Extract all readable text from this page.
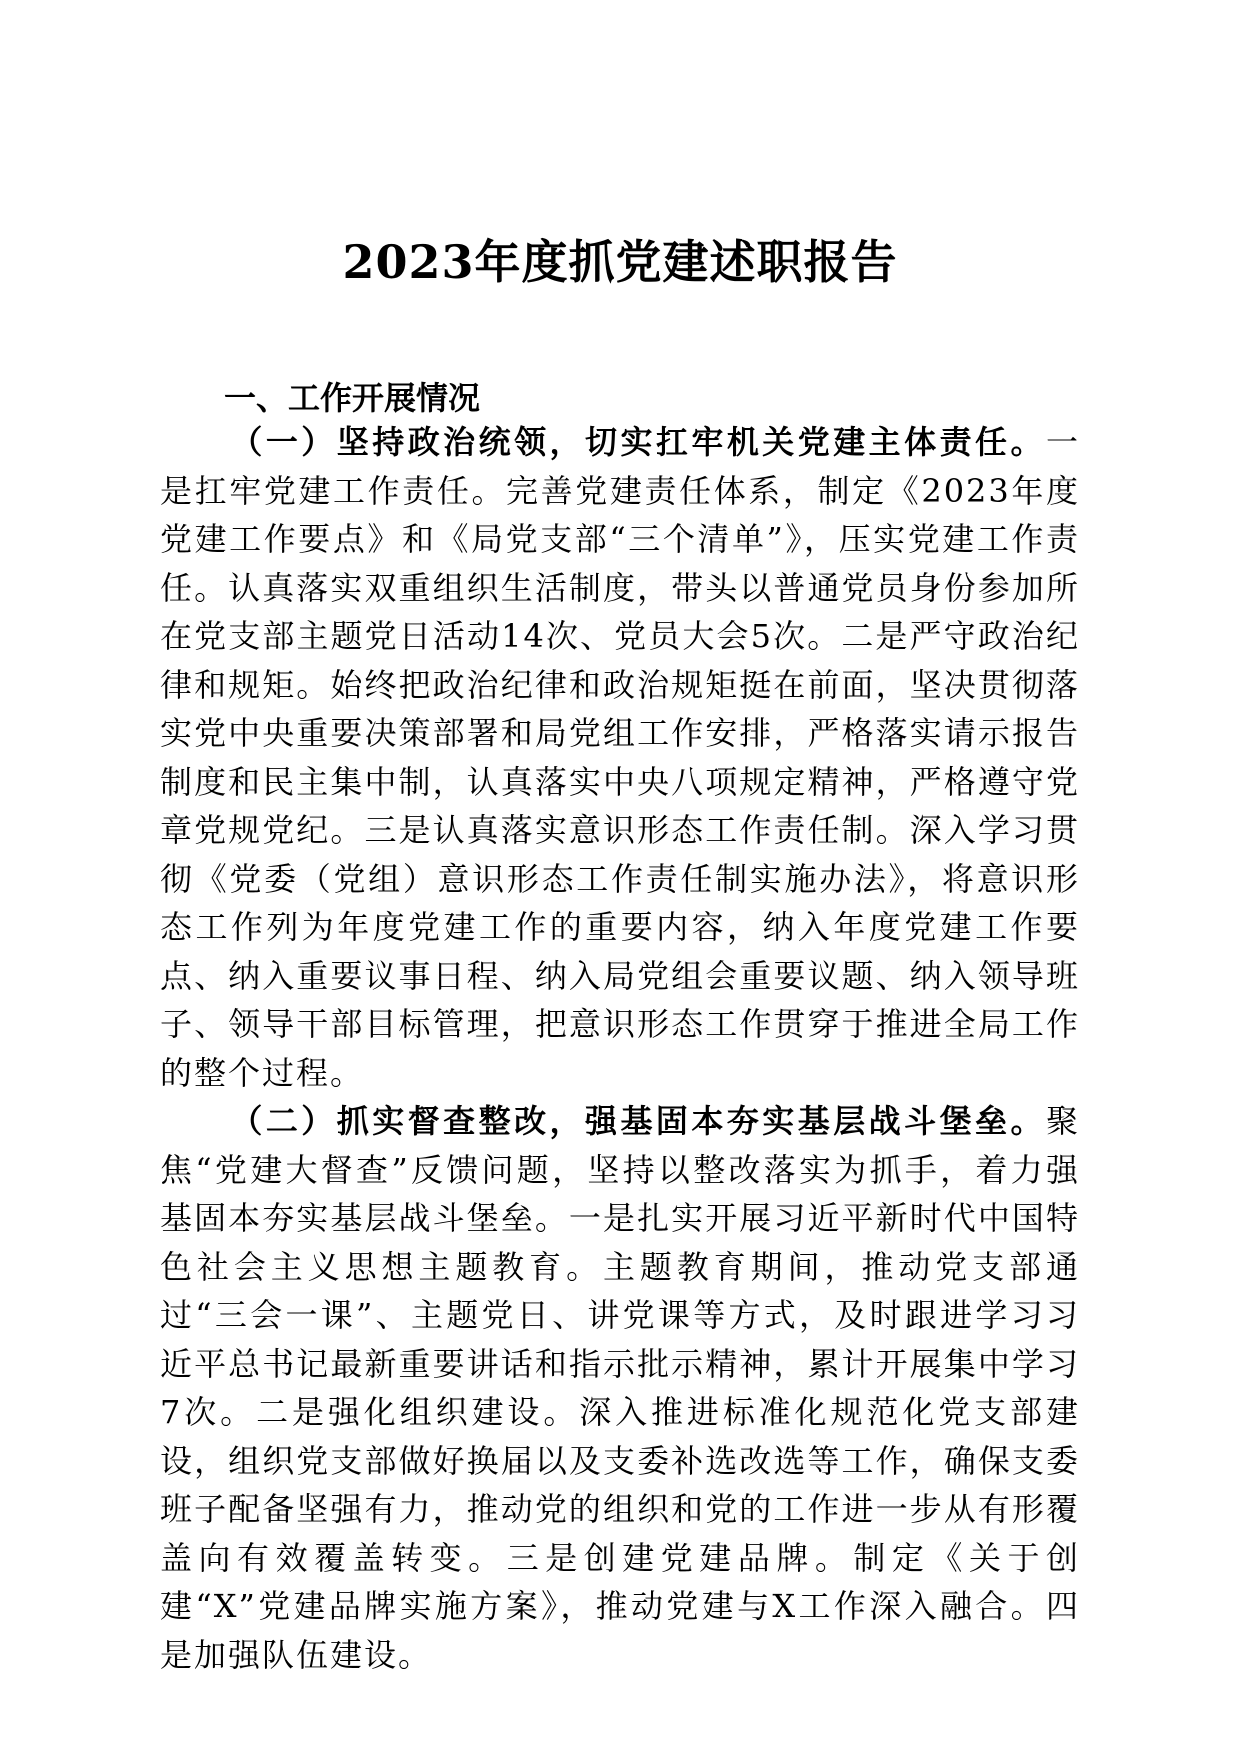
2023年度抓党建述职报告
一、工作开展情况

（一）坚持政治统领，切实扛牢机关党建主体责任。一是扛牢党建工作责任。完善党建责任体系，制定《2023年度党建工作要点》和《局党支部“三个清单”》，压实党建工作责任。认真落实双重组织生活制度，带头以普通党员身份参加所在党支部主题党日活动14次、党员大会5次。二是严守政治纪律和规矩。始终把政治纪律和政治规矩挺在前面，坚决贯彻落实党中央重要决策部署和局党组工作安排，严格落实请示报告制度和民主集中制，认真落实中央八项规定精神，严格遵守党章党规党纪。三是认真落实意识形态工作责任制。深入学习贯彻《党委（党组）意识形态工作责任制实施办法》，将意识形态工作列为年度党建工作的重要内容，纳入年度党建工作要点、纳入重要议事日程、纳入局党组会重要议题、纳入领导班子、领导干部目标管理，把意识形态工作贯穿于推进全局工作的整个过程。

（二）抓实督查整改，强基固本夯实基层战斗堡垒。聚焦“党建大督查”反馈问题，坚持以整改落实为抓手，着力强基固本夯实基层战斗堡垒。一是扎实开展习近平新时代中国特色社会主义思想主题教育。主题教育期间，推动党支部通过“三会一课”、主题党日、讲党课等方式，及时跟进学习习近平总书记最新重要讲话和指示批示精神，累计开展集中学习7次。二是强化组织建设。深入推进标准化规范化党支部建设，组织党支部做好换届以及支委补选改选等工作，确保支委班子配备坚强有力，推动党的组织和党的工作进一步从有形覆盖向有效覆盖转变。三是创建党建品牌。制定《关于创建“X”党建品牌实施方案》，推动党建与X工作深入融合。四是加强队伍建设。
